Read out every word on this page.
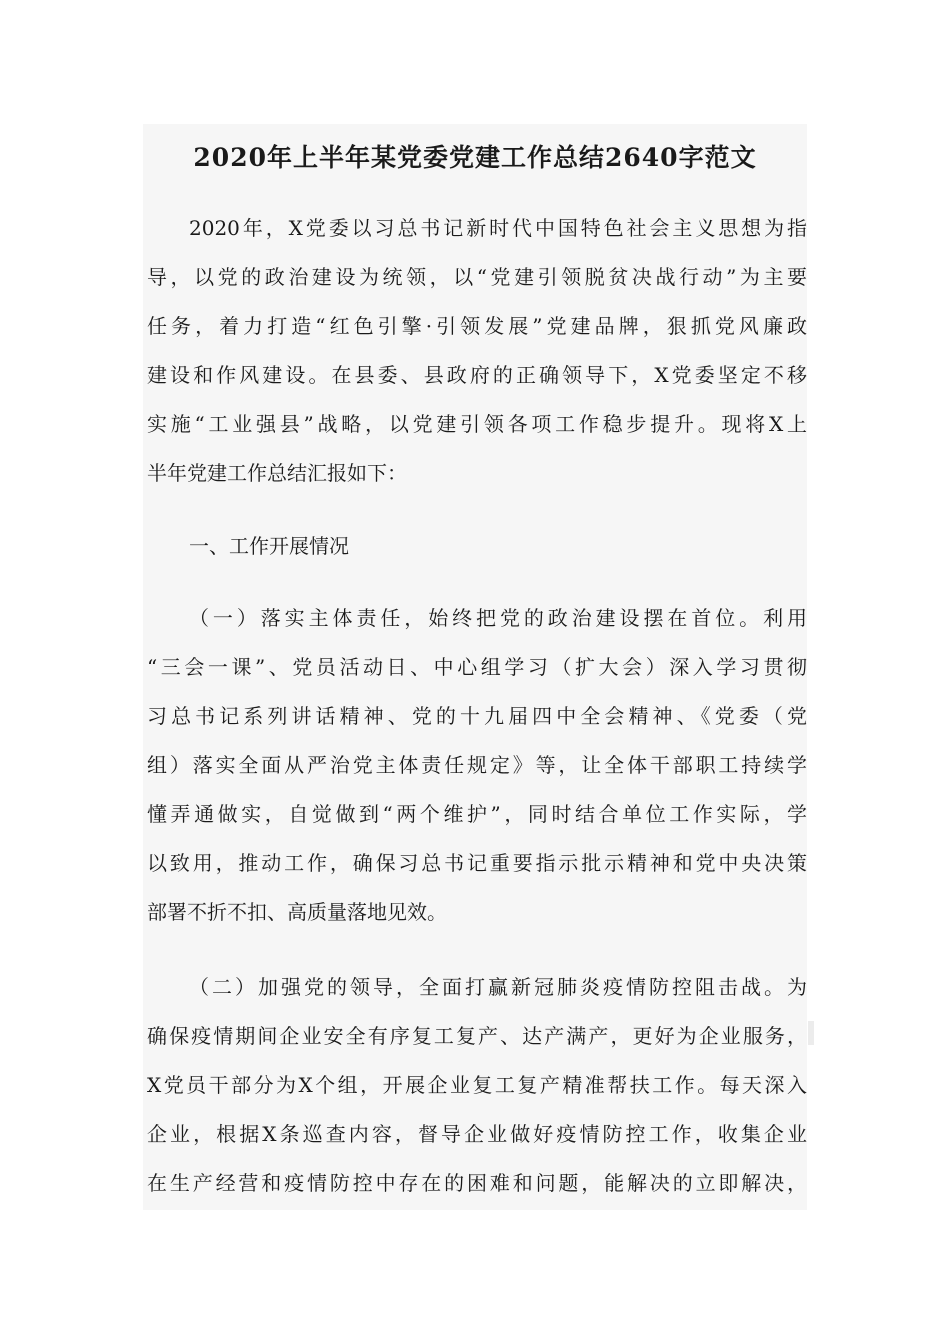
2020年上半年某党委党建工作总结2640字范文

2020年，X党委以习总书记新时代中国特色社会主义思想为指
导，以党的政治建设为统领，以“党建引领脱贫决战行动”为主要
任务，着力打造“红色引擎·引领发展”党建品牌，狠抓党风廉政
建设和作风建设。在县委、县政府的正确领导下，X党委坚定不移
实施“工业强县”战略，以党建引领各项工作稳步提升。现将X上
半年党建工作总结汇报如下：

一、工作开展情况

（一）落实主体责任，始终把党的政治建设摆在首位。利用
“三会一课”、党员活动日、中心组学习（扩大会）深入学习贯彻
习总书记系列讲话精神、党的十九届四中全会精神、《党委（党
组）落实全面从严治党主体责任规定》等，让全体干部职工持续学
懂弄通做实，自觉做到“两个维护”，同时结合单位工作实际，学
以致用，推动工作，确保习总书记重要指示批示精神和党中央决策
部署不折不扣、高质量落地见效。

（二）加强党的领导，全面打赢新冠肺炎疫情防控阻击战。为
确保疫情期间企业安全有序复工复产、达产满产，更好为企业服务，
X党员干部分为X个组，开展企业复工复产精准帮扶工作。每天深入
企业，根据X条巡查内容，督导企业做好疫情防控工作，收集企业
在生产经营和疫情防控中存在的困难和问题，能解决的立即解决，
